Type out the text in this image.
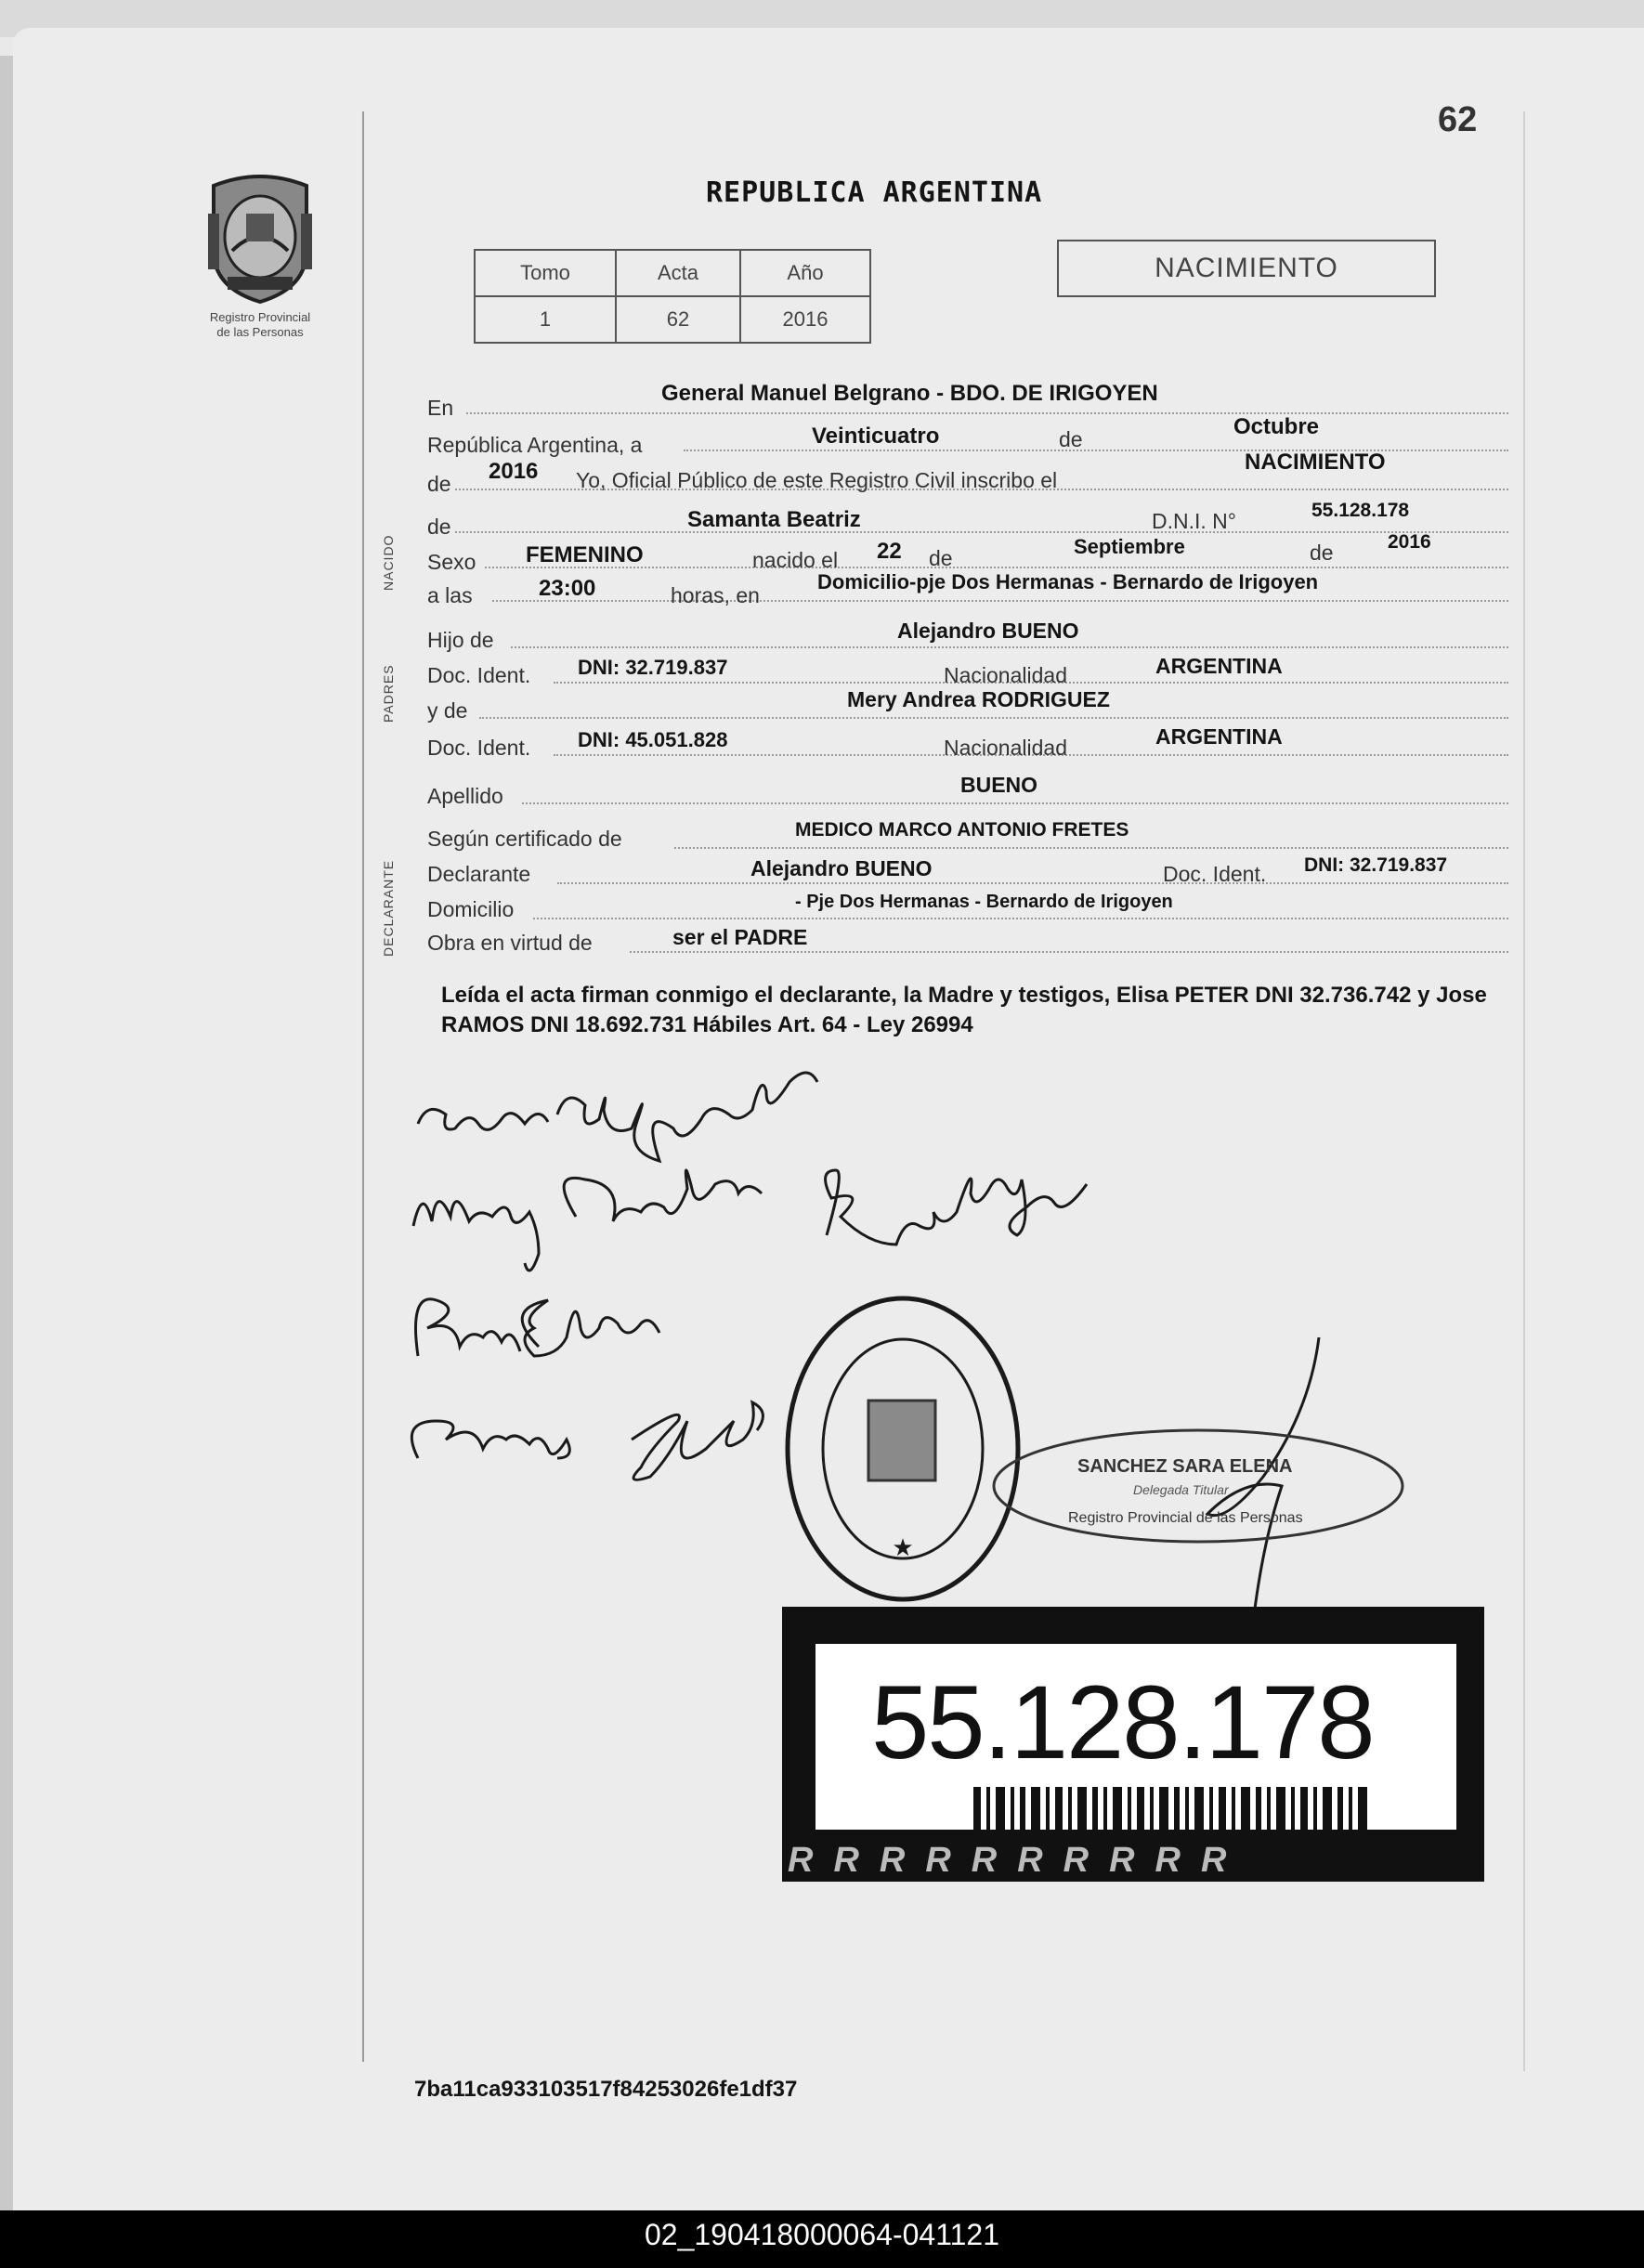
62
Registro Provincial
de las Personas
REPUBLICA ARGENTINA
Tomo	Acta	Año
1	62	2016
NACIMIENTO
NACIDO
PADRES
DECLARANTE
En
General Manuel Belgrano - BDO. DE IRIGOYEN
República Argentina, a	Veinticuatro	de	Octubre
de 2016 Yo, Oficial Público de este Registro Civil inscribo el
NACIMIENTO
de	Samanta Beatriz	D.N.I. N°	55.128.178
Sexo FEMENINO	nacido el 22 de	Septiembre	de	2016
a las	23:00	horas, en
Domicilio-pje Dos Hermanas - Bernardo de Irigoyen
Hijo de	Alejandro BUENO
Doc. Ident. DNI: 32.719.837	Nacionalidad	ARGENTINA
y de	Mery Andrea RODRIGUEZ
Doc. Ident. DNI: 45.051.828	Nacionalidad	ARGENTINA
Apellido	BUENO
Según certificado de	MEDICO MARCO ANTONIO FRETES
Declarante	Alejandro BUENO	Doc. Ident. DNI: 32.719.837
Domicilio	- Pje Dos Hermanas - Bernardo de Irigoyen
Obra en virtud de	ser el PADRE
Leída el acta firman conmigo el declarante, la Madre y testigos, Elisa PETER DNI 32.736.742 y Jose RAMOS DNI 18.692.731 Hábiles Art. 64 - Ley 26994
★
SANCHEZ SARA ELENA
Delegada Titular
Registro Provincial de las Personas
55.128.178
RRRRRRRRRR
7ba11ca933103517f84253026fe1df37
02_190418000064-041121
